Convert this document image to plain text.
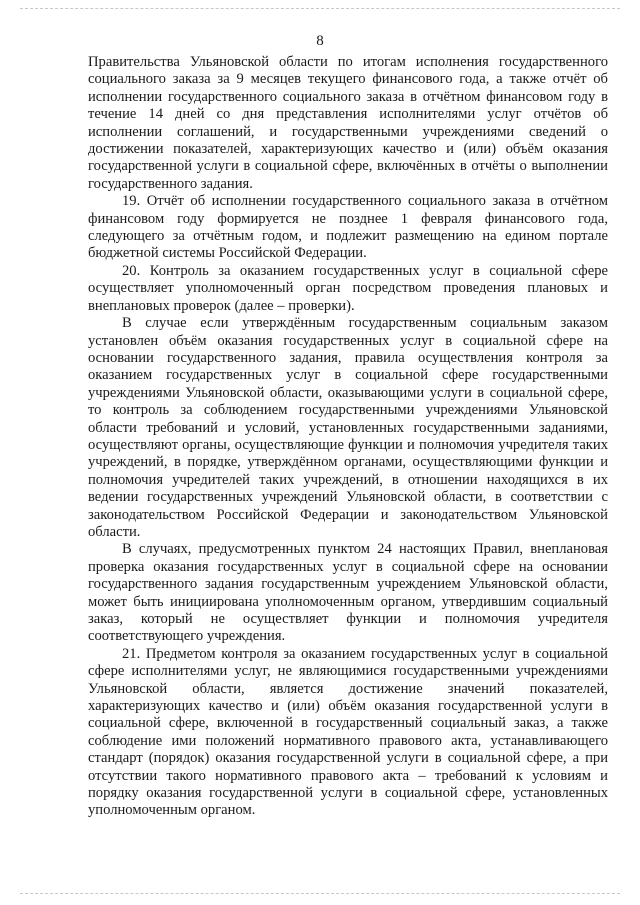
8

Правительства Ульяновской области по итогам исполнения государственного социального заказа за 9 месяцев текущего финансового года, а также отчёт об исполнении государственного социального заказа в отчётном финансовом году в течение 14 дней со дня представления исполнителями услуг отчётов об исполнении соглашений, и государственными учреждениями сведений о достижении показателей, характеризующих качество и (или) объём оказания государственной услуги в социальной сфере, включённых в отчёты о выполнении государственного задания.

19. Отчёт об исполнении государственного социального заказа в отчётном финансовом году формируется не позднее 1 февраля финансового года, следующего за отчётным годом, и подлежит размещению на едином портале бюджетной системы Российской Федерации.

20. Контроль за оказанием государственных услуг в социальной сфере осуществляет уполномоченный орган посредством проведения плановых и внеплановых проверок (далее – проверки).

В случае если утверждённым государственным социальным заказом установлен объём оказания государственных услуг в социальной сфере на основании государственного задания, правила осуществления контроля за оказанием государственных услуг в социальной сфере государственными учреждениями Ульяновской области, оказывающими услуги в социальной сфере, то контроль за соблюдением государственными учреждениями Ульяновской области требований и условий, установленных государственными заданиями, осуществляют органы, осуществляющие функции и полномочия учредителя таких учреждений, в порядке, утверждённом органами, осуществляющими функции и полномочия учредителей таких учреждений, в отношении находящихся в их ведении государственных учреждений Ульяновской области, в соответствии с законодательством Российской Федерации и законодательством Ульяновской области.

В случаях, предусмотренных пунктом 24 настоящих Правил, внеплановая проверка оказания государственных услуг в социальной сфере на основании государственного задания государственным учреждением Ульяновской области, может быть инициирована уполномоченным органом, утвердившим социальный заказ, который не осуществляет функции и полномочия учредителя соответствующего учреждения.

21. Предметом контроля за оказанием государственных услуг в социальной сфере исполнителями услуг, не являющимися государственными учреждениями Ульяновской области, является достижение значений показателей, характеризующих качество и (или) объём оказания государственной услуги в социальной сфере, включенной в государственный социальный заказ, а также соблюдение ими положений нормативного правового акта, устанавливающего стандарт (порядок) оказания государственной услуги в социальной сфере, а при отсутствии такого нормативного правового акта – требований к условиям и порядку оказания государственной услуги в социальной сфере, установленных уполномоченным органом.
